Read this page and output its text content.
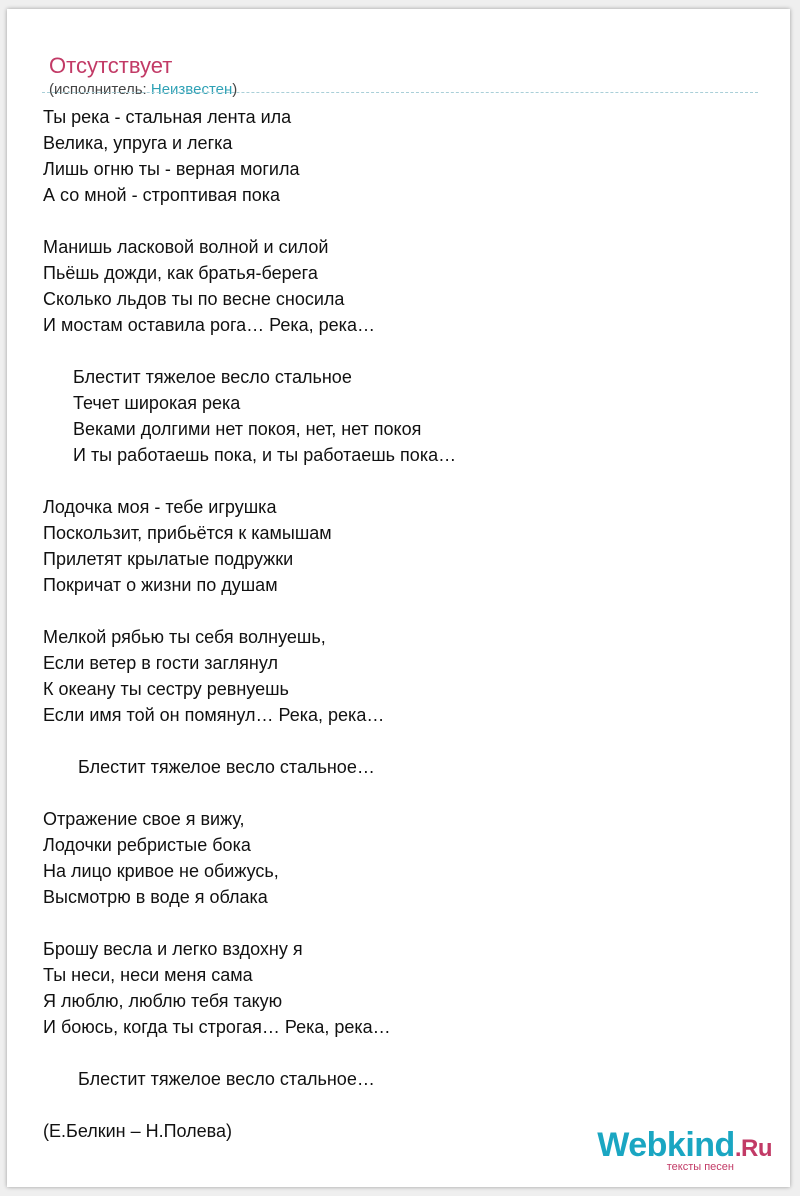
Отсутствует
(исполнитель: Неизвестен)
Ты река - стальная лента ила
Велика, упруга и легка
Лишь огню ты - верная могила
А со мной - строптивая пока
Манишь ласковой волной и силой
Пьёшь дожди, как братья-берега
Сколько льдов ты по весне сносила
И мостам оставила рога… Река, река…
Блестит тяжелое весло стальное
Течет широкая река
Веками долгими нет покоя, нет, нет покоя
И ты работаешь пока, и ты работаешь пока…
Лодочка моя - тебе игрушка
Поскользит, прибьётся к камышам
Прилетят крылатые подружки
Покричат о жизни по душам
Мелкой рябью ты себя волнуешь,
Если ветер в гости заглянул
К океану ты сестру ревнуешь
Если имя той он помянул… Река, река…
Блестит тяжелое весло стальное…
Отражение свое я вижу,
Лодочки ребристые бока
На лицо кривое не обижусь,
Высмотрю в воде я облака
Брошу весла и легко вздохну я
Ты неси, неси меня сама
Я люблю, люблю тебя такую
И боюсь, когда ты строгая… Река, река…
Блестит тяжелое весло стальное…
(Е.Белкин – Н.Полева)	Webkind.Ru
тексты песен
